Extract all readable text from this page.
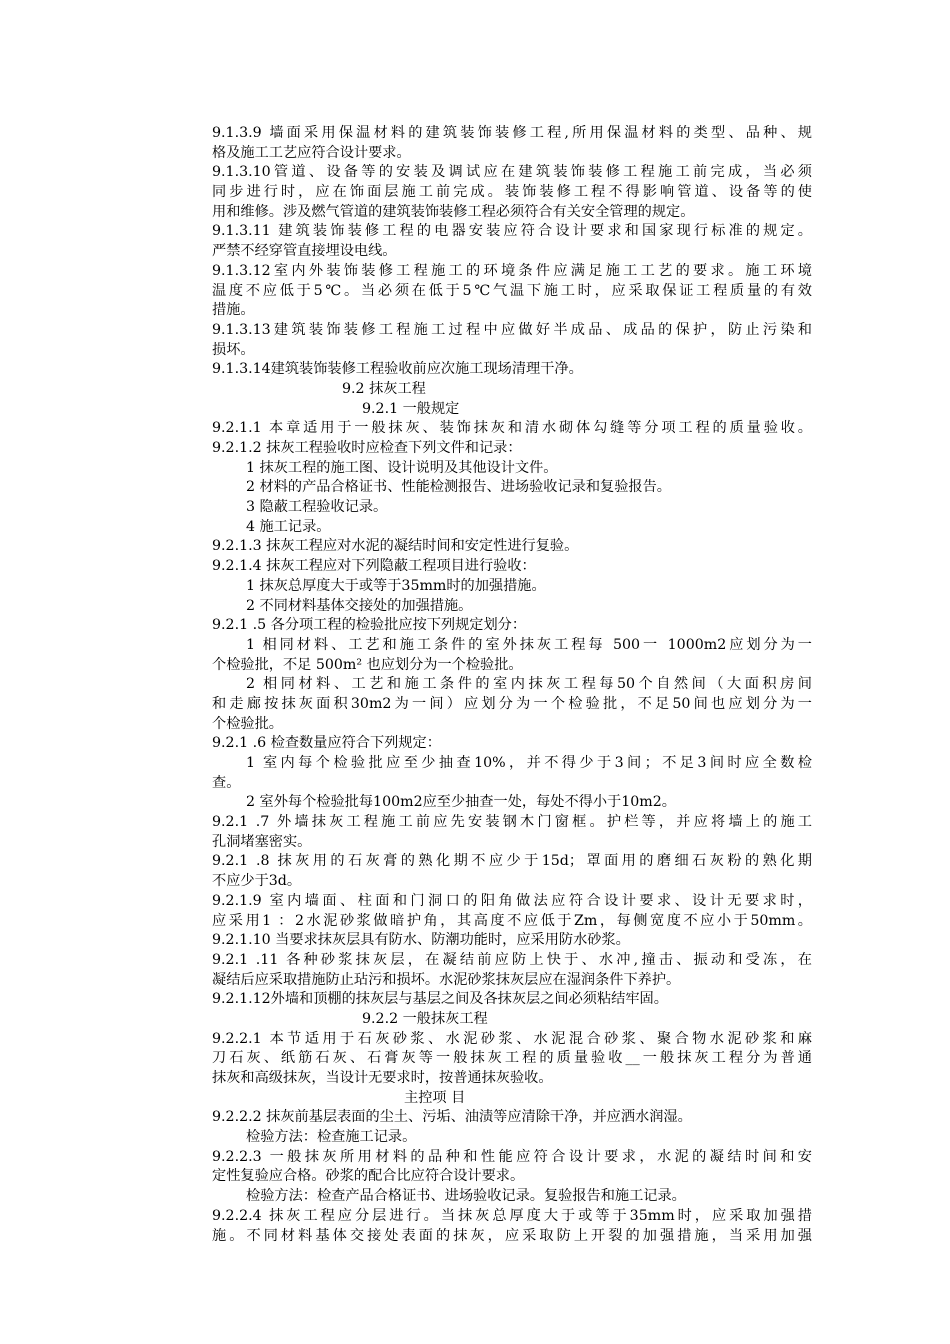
9.1.3.9 墙面采用保温材料的建筑装饰装修工程,所用保温材料的类型、品种、规
格及施工工艺应符合设计要求。
9.1.3.10管道、设备等的安装及调试应在建筑装饰装修工程施工前完成，当必须
同步进行时，应在饰面层施工前完成。装饰装修工程不得影响管道、设备等的使
用和维修。涉及燃气管道的建筑装饰装修工程必须符合有关安全管理的规定。
9.1.3.11 建筑装饰装修工程的电器安装应符合设计要求和国家现行标准的规定。
严禁不经穿管直接埋设电线。
9.1.3.12室内外装饰装修工程施工的环境条件应满足施工工艺的要求。施工环境
温度不应低于5℃。当必须在低于5℃气温下施工时，应采取保证工程质量的有效
措施。
9.1.3.13建筑装饰装修工程施工过程中应做好半成品、成品的保护，防止污染和
损坏。
9.1.3.14建筑装饰装修工程验收前应次施工现场清理干净。
9.2 抹灰工程
9.2.1 一般规定
9.2.1.1 本章适用于一般抹灰、装饰抹灰和清水砌体勾缝等分项工程的质量验收。
9.2.1.2 抹灰工程验收时应检查下列文件和记录：
1 抹灰工程的施工图、设计说明及其他设计文件。
2 材料的产品合格证书、性能检测报告、进场验收记录和复验报告。
3 隐蔽工程验收记录。
4 施工记录。
9.2.1.3 抹灰工程应对水泥的凝结时间和安定性进行复验。
9.2.1.4 抹灰工程应对下列隐蔽工程项目进行验收：
1 抹灰总厚度大于或等于35mm时的加强措施。
2 不同材料基体交接处的加强措施。
9.2.1 .5 各分项工程的检验批应按下列规定划分：
1 相同材料、工艺和施工条件的室外抹灰工程每 500一 1000m2应划分为一
个检验批，不足 500m² 也应划分为一个检验批。
2 相同材料、工艺和施工条件的室内抹灰工程每50个自然间（大面积房间
和走廊按抹灰面积30m2为一间）应划分为一个检验批，不足50间也应划分为一
个检验批。
9.2.1 .6 检查数量应符合下列规定：
1 室内每个检验批应至少抽查10%，并不得少于3间；不足3间时应全数检
查。
2 室外每个检验批每100m2应至少抽查一处，每处不得小于10m2。
9.2.1 .7 外墙抹灰工程施工前应先安装钢木门窗框。护栏等，并应将墙上的施工
孔洞堵塞密实。
9.2.1 .8 抹灰用的石灰膏的熟化期不应少于15d；罩面用的磨细石灰粉的熟化期
不应少于3d。
9.2.1.9 室内墙面、柱面和门洞口的阳角做法应符合设计要求、设计无要求时，
应采用1 ：2水泥砂浆做暗护角，其高度不应低于Zm，每侧宽度不应小于50mm。
9.2.1.10 当要求抹灰层具有防水、防潮功能时，应采用防水砂浆。
9.2.1 .11 各种砂浆抹灰层，在凝结前应防上快于、水冲,撞击、振动和受冻，在
凝结后应采取措施防止玷污和损坏。水泥砂浆抹灰层应在湿润条件下养护。
9.2.1.12外墙和顶棚的抹灰层与基层之间及各抹灰层之间必须粘结牢固。
9.2.2 一般抹灰工程
9.2.2.1 本节适用于石灰砂浆、水泥砂浆、水泥混合砂浆、聚合物水泥砂浆和麻
刀石灰、纸筋石灰、石膏灰等一般抹灰工程的质量验收__一般抹灰工程分为普通
抹灰和高级抹灰，当设计无要求时，按普通抹灰验收。
主控项 目
9.2.2.2 抹灰前基层表面的尘土、污垢、油渍等应清除干净，并应洒水润湿。
检验方法：检查施工记录。
9.2.2.3 一般抹灰所用材料的品种和性能应符合设计要求，水泥的凝结时间和安
定性复验应合格。砂浆的配合比应符合设计要求。
检验方法：检查产品合格证书、进场验收记录。复验报告和施工记录。
9.2.2.4 抹灰工程应分层进行。当抹灰总厚度大于或等于35mm时，应采取加强措
施。不同材料基体交接处表面的抹灰，应采取防上开裂的加强措施，当采用加强
